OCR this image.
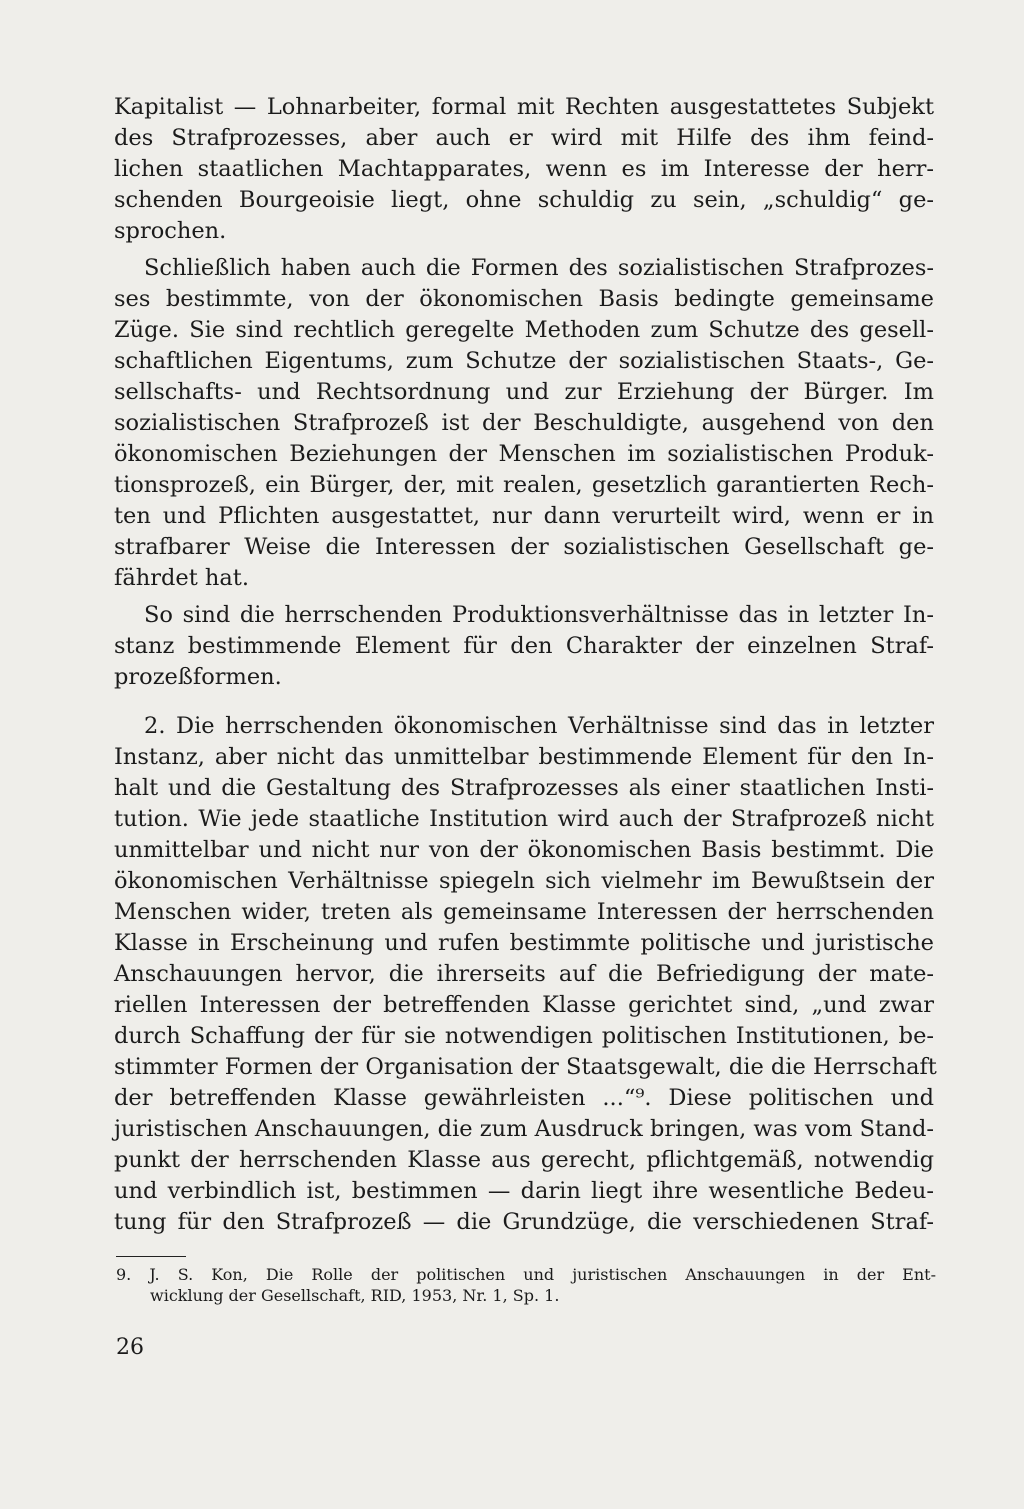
Kapitalist — Lohnarbeiter, formal mit Rechten ausgestattetes Subjekt
des Strafprozesses, aber auch er wird mit Hilfe des ihm feind-
lichen staatlichen Machtapparates, wenn es im Interesse der herr-
schenden Bourgeoisie liegt, ohne schuldig zu sein, „schuldig“ ge-
sprochen.
Schließlich haben auch die Formen des sozialistischen Strafprozes-
ses bestimmte, von der ökonomischen Basis bedingte gemeinsame
Züge. Sie sind rechtlich geregelte Methoden zum Schutze des gesell-
schaftlichen Eigentums, zum Schutze der sozialistischen Staats-, Ge-
sellschafts- und Rechtsordnung und zur Erziehung der Bürger. Im
sozialistischen Strafprozeß ist der Beschuldigte, ausgehend von den
ökonomischen Beziehungen der Menschen im sozialistischen Produk-
tionsprozeß, ein Bürger, der, mit realen, gesetzlich garantierten Rech-
ten und Pflichten ausgestattet, nur dann verurteilt wird, wenn er in
strafbarer Weise die Interessen der sozialistischen Gesellschaft ge-
fährdet hat.
So sind die herrschenden Produktionsverhältnisse das in letzter In-
stanz bestimmende Element für den Charakter der einzelnen Straf-
prozeßformen.
2. Die herrschenden ökonomischen Verhältnisse sind das in letzter
Instanz, aber nicht das unmittelbar bestimmende Element für den In-
halt und die Gestaltung des Strafprozesses als einer staatlichen Insti-
tution. Wie jede staatliche Institution wird auch der Strafprozeß nicht
unmittelbar und nicht nur von der ökonomischen Basis bestimmt. Die
ökonomischen Verhältnisse spiegeln sich vielmehr im Bewußtsein der
Menschen wider, treten als gemeinsame Interessen der herrschenden
Klasse in Erscheinung und rufen bestimmte politische und juristische
Anschauungen hervor, die ihrerseits auf die Befriedigung der mate-
riellen Interessen der betreffenden Klasse gerichtet sind, „und zwar
durch Schaffung der für sie notwendigen politischen Institutionen, be-
stimmter Formen der Organisation der Staatsgewalt, die die Herrschaft
der betreffenden Klasse gewährleisten ...“⁹. Diese politischen und
juristischen Anschauungen, die zum Ausdruck bringen, was vom Stand-
punkt der herrschenden Klasse aus gerecht, pflichtgemäß, notwendig
und verbindlich ist, bestimmen — darin liegt ihre wesentliche Bedeu-
tung für den Strafprozeß — die Grundzüge, die verschiedenen Straf-
9. J. S. Kon, Die Rolle der politischen und juristischen Anschauungen in der Ent-
wicklung der Gesellschaft, RID, 1953, Nr. 1, Sp. 1.
26
